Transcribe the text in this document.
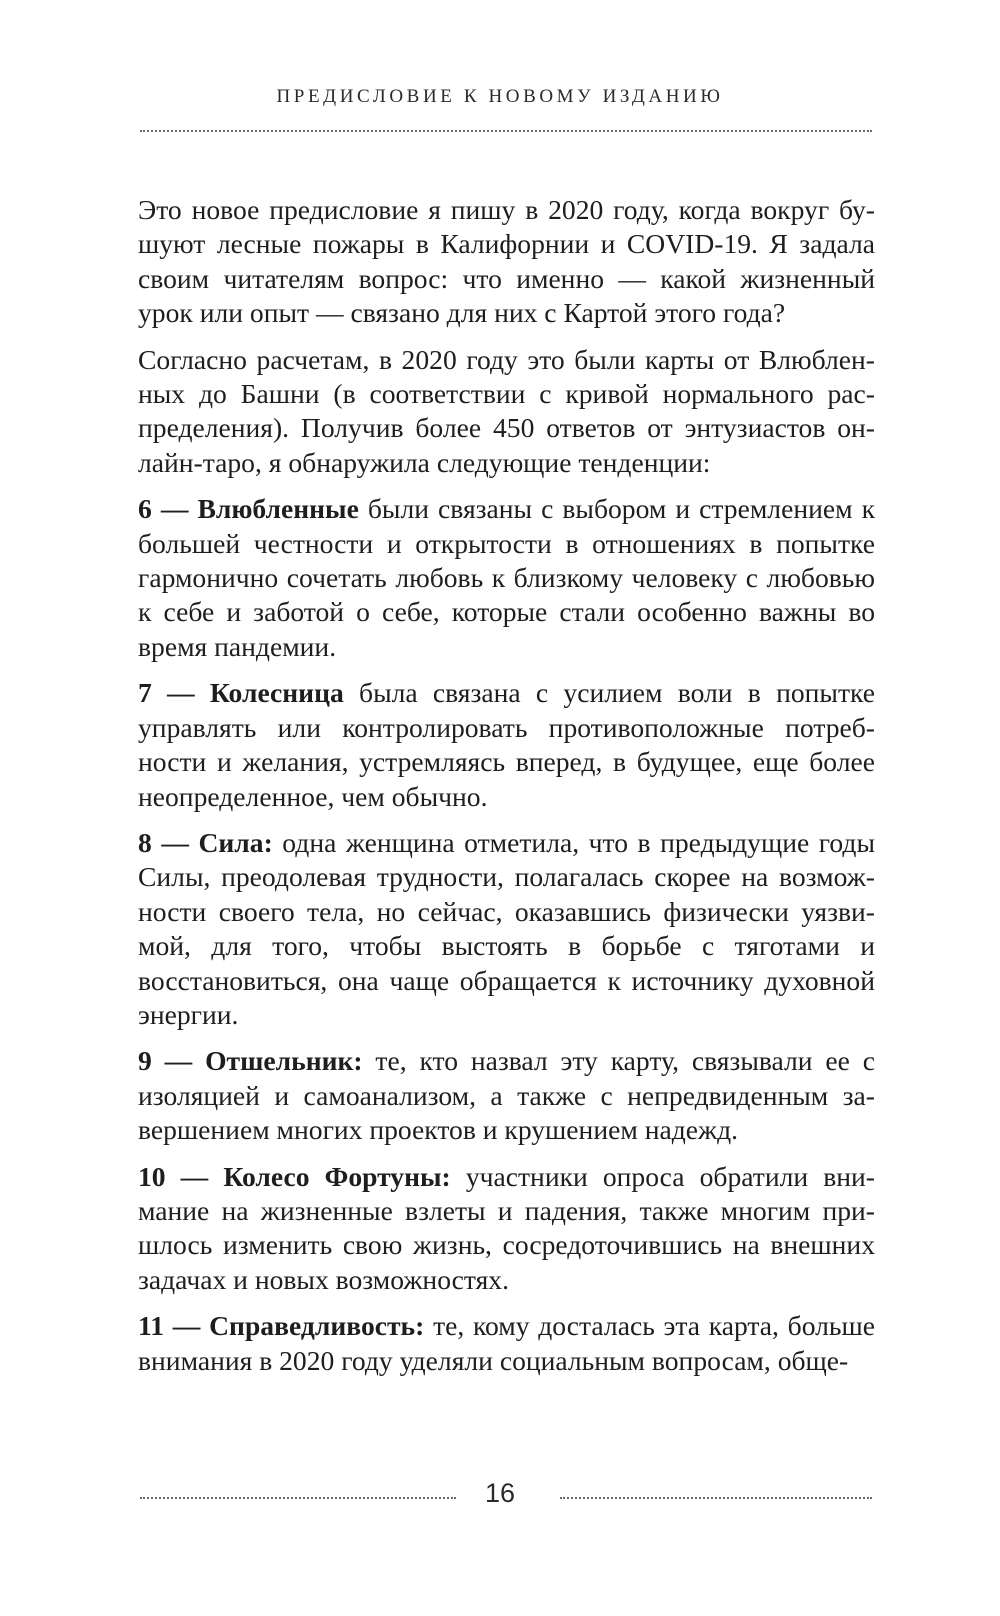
ПРЕДИСЛОВИЕ К НОВОМУ ИЗДАНИЮ

Это новое предисловие я пишу в 2020 году, когда вокруг бушуют лесные пожары в Калифорнии и COVID-19. Я задала своим читателям вопрос: что именно — какой жизненный урок или опыт — связано для них с Картой этого года?

Согласно расчетам, в 2020 году это были карты от Влюбленных до Башни (в соответствии с кривой нормального распределения). Получив более 450 ответов от энтузиастов онлайн-таро, я обнаружила следующие тенденции:

6 — Влюбленные были связаны с выбором и стремлением к большей честности и открытости в отношениях в попытке гармонично сочетать любовь к близкому человеку с любовью к себе и заботой о себе, которые стали особенно важны во время пандемии.

7 — Колесница была связана с усилием воли в попытке управлять или контролировать противоположные потребности и желания, устремляясь вперед, в будущее, еще более неопределенное, чем обычно.

8 — Сила: одна женщина отметила, что в предыдущие годы Силы, преодолевая трудности, полагалась скорее на возможности своего тела, но сейчас, оказавшись физически уязвимой, для того, чтобы выстоять в борьбе с тяготами и восстановиться, она чаще обращается к источнику духовной энергии.

9 — Отшельник: те, кто назвал эту карту, связывали ее с изоляцией и самоанализом, а также с непредвиденным завершением многих проектов и крушением надежд.

10 — Колесо Фортуны: участники опроса обратили внимание на жизненные взлеты и падения, также многим пришлось изменить свою жизнь, сосредоточившись на внешних задачах и новых возможностях.

11 — Справедливость: те, кому досталась эта карта, больше внимания в 2020 году уделяли социальным вопросам, обще-

16
